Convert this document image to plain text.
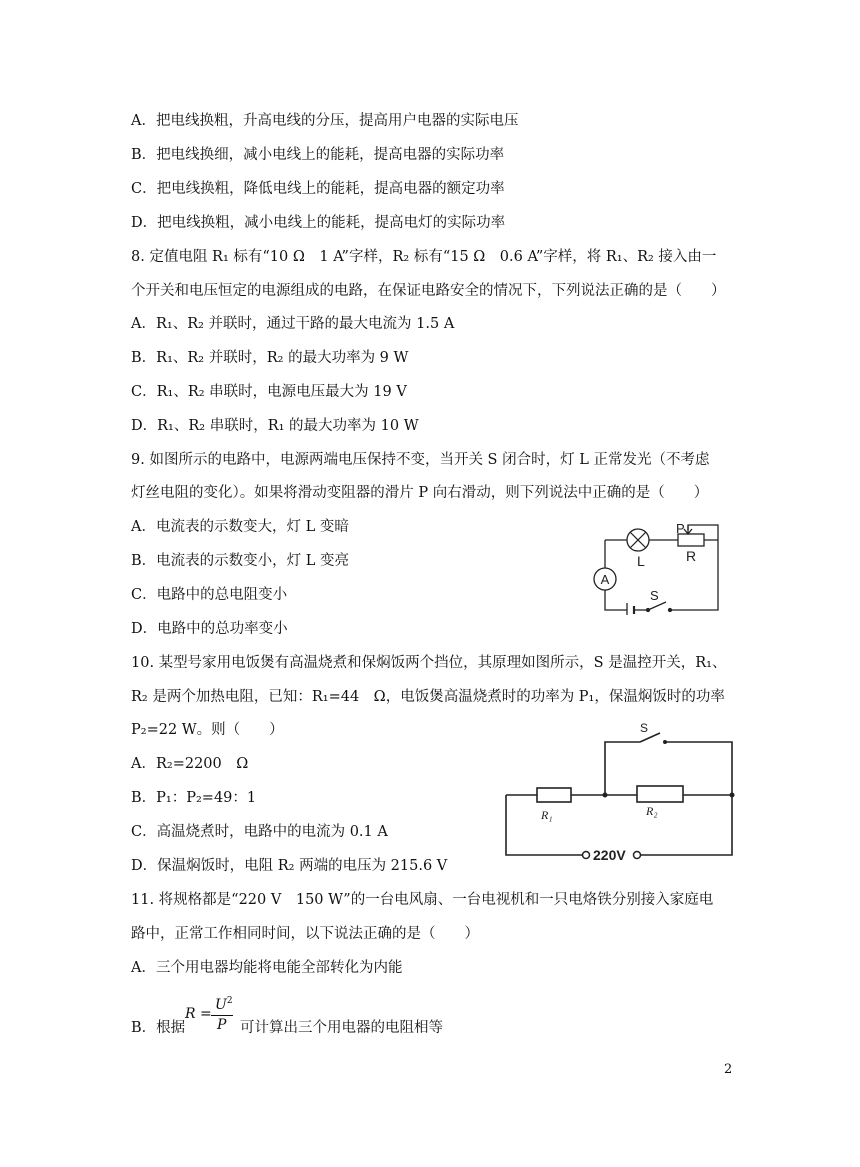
A．把电线换粗，升高电线的分压，提高用户电器的实际电压
B．把电线换细，减小电线上的能耗，提高电器的实际功率
C．把电线换粗，降低电线上的能耗，提高电器的额定功率
D．把电线换粗，减小电线上的能耗，提高电灯的实际功率
8. 定值电阻 R₁ 标有“10 Ω　1 A”字样，R₂ 标有“15 Ω　0.6 A”字样，将 R₁、R₂ 接入由一
个开关和电压恒定的电源组成的电路，在保证电路安全的情况下，下列说法正确的是（　　）
A．R₁、R₂ 并联时，通过干路的最大电流为 1.5 A
B．R₁、R₂ 并联时，R₂ 的最大功率为 9 W
C．R₁、R₂ 串联时，电源电压最大为 19 V
D．R₁、R₂ 串联时，R₁ 的最大功率为 10 W
9. 如图所示的电路中，电源两端电压保持不变，当开关 S 闭合时，灯 L 正常发光（不考虑
灯丝电阻的变化）。如果将滑动变阻器的滑片 P 向右滑动，则下列说法中正确的是（　　）
A．电流表的示数变大，灯 L 变暗
B．电流表的示数变小，灯 L 变亮
C．电路中的总电阻变小
D．电路中的总功率变小
10. 某型号家用电饭煲有高温烧煮和保焖饭两个挡位，其原理如图所示，S 是温控开关，R₁、
R₂ 是两个加热电阻，已知：R₁=44　Ω，电饭煲高温烧煮时的功率为 P₁，保温焖饭时的功率
P₂=22 W。则（　　）
A．R₂=2200　Ω
B．P₁：P₂=49：1
C．高温烧煮时，电路中的电流为 0.1 A
D．保温焖饭时，电阻 R₂ 两端的电压为 215.6 V
11. 将规格都是“220 V　150 W”的一台电风扇、一台电视机和一只电烙铁分别接入家庭电
路中，正常工作相同时间，以下说法正确的是（　　）
A．三个用电器均能将电能全部转化为内能
B．根据
R =
$U^2$
P 可计算出三个用电器的电阻相等
A
L	R
P
S
S
R₁	R₂
220V
2
